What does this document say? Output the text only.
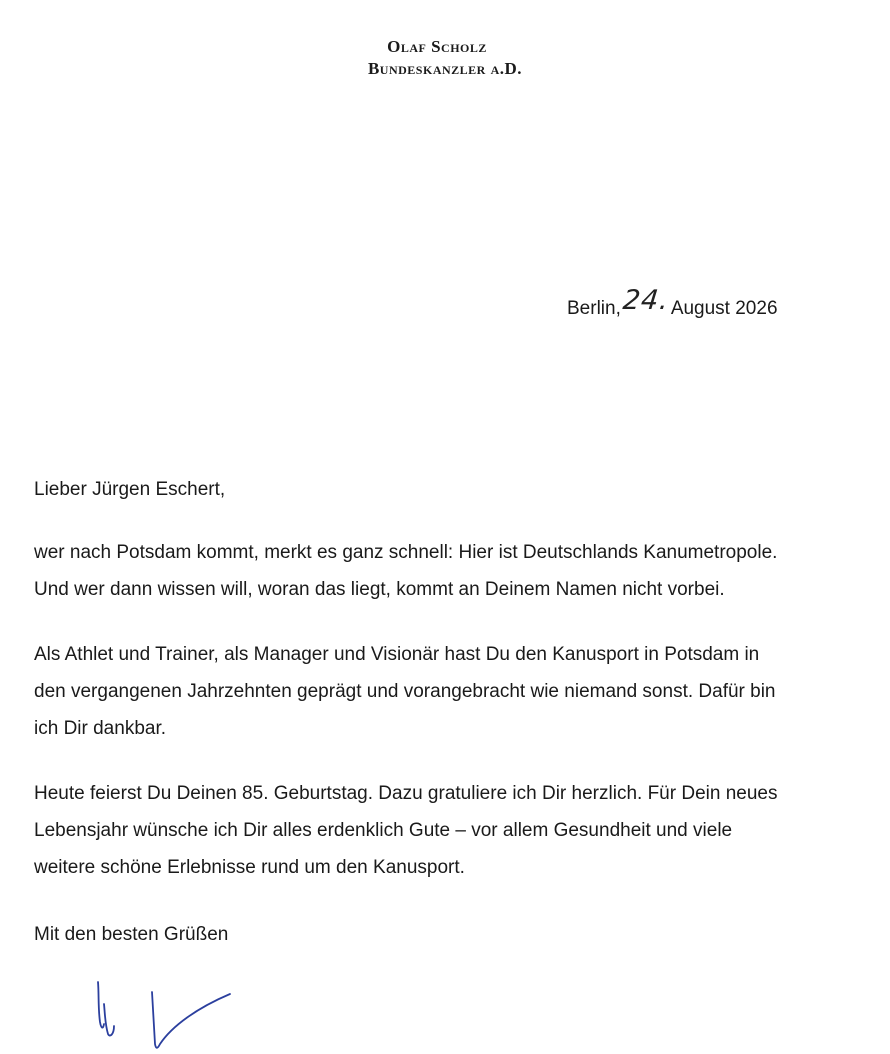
Olaf Scholz
Bundeskanzler a.D.
Berlin,24.August 2026

Lieber Jürgen Eschert,

wer nach Potsdam kommt, merkt es ganz schnell: Hier ist Deutschlands Kanumetropole.

Und wer dann wissen will, woran das liegt, kommt an Deinem Namen nicht vorbei.

Als Athlet und Trainer, als Manager und Visionär hast Du den Kanusport in Potsdam in

den vergangenen Jahrzehnten geprägt und vorangebracht wie niemand sonst. Dafür bin

ich Dir dankbar.

Heute feierst Du Deinen 85. Geburtstag. Dazu gratuliere ich Dir herzlich. Für Dein neues

Lebensjahr wünsche ich Dir alles erdenklich Gute – vor allem Gesundheit und viele

weitere schöne Erlebnisse rund um den Kanusport.

Mit den besten Grüßen
